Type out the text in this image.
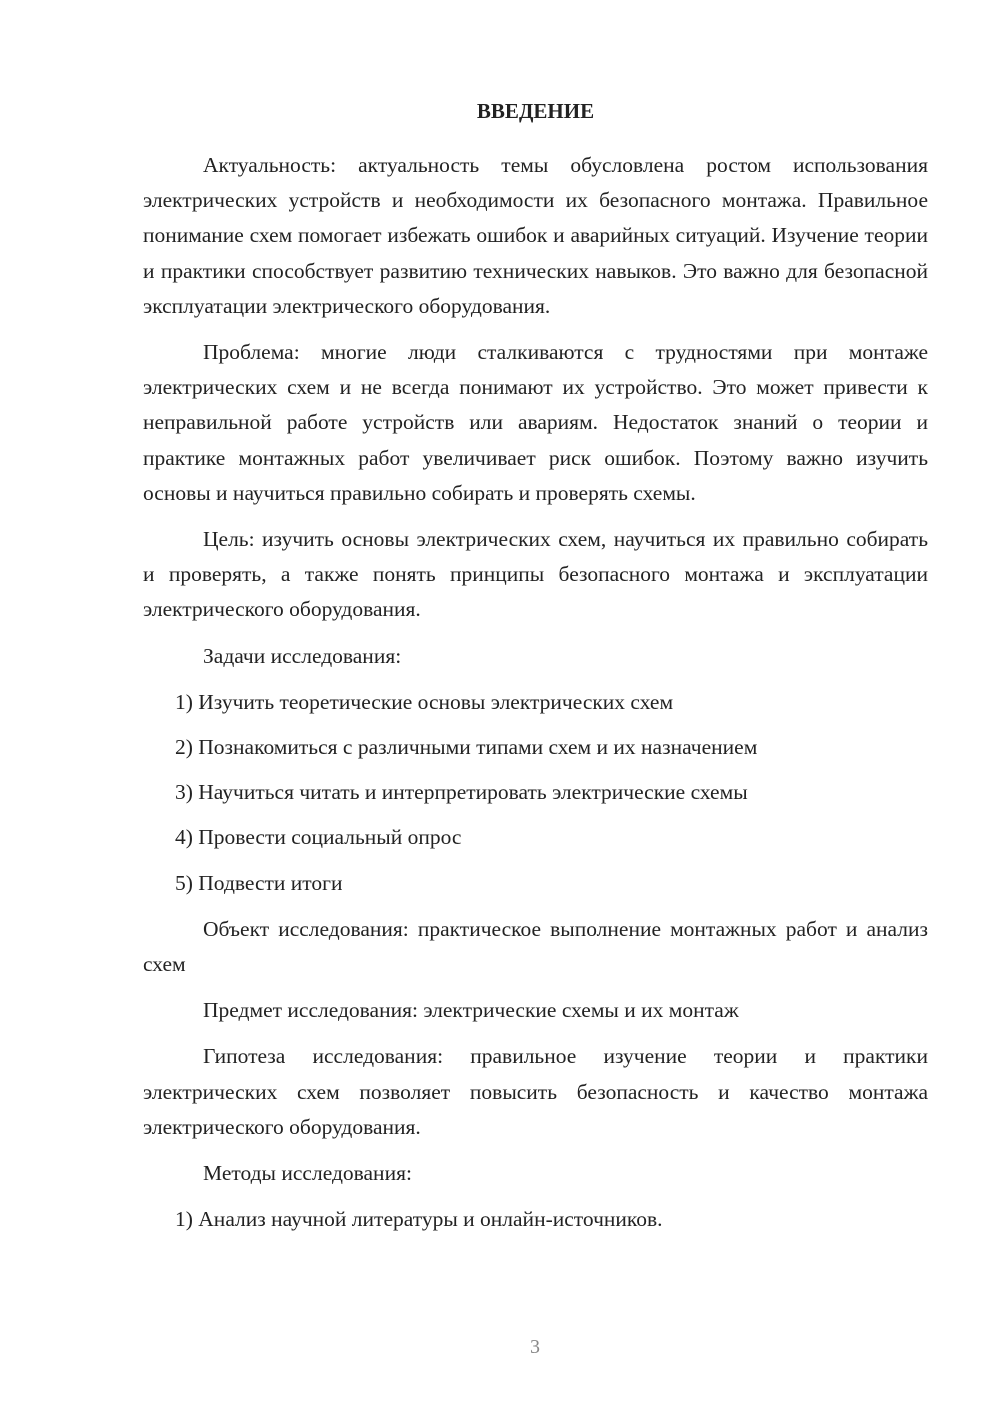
ВВЕДЕНИЕ

Актуальность: актуальность темы обусловлена ростом использования электрических устройств и необходимости их безопасного монтажа. Правильное понимание схем помогает избежать ошибок и аварийных ситуаций. Изучение теории и практики способствует развитию технических навыков. Это важно для безопасной эксплуатации электрического оборудования.

Проблема: многие люди сталкиваются с трудностями при монтаже электрических схем и не всегда понимают их устройство. Это может привести к неправильной работе устройств или авариям. Недостаток знаний о теории и практике монтажных работ увеличивает риск ошибок. Поэтому важно изучить основы и научиться правильно собирать и проверять схемы.

Цель: изучить основы электрических схем, научиться их правильно собирать и проверять, а также понять принципы безопасного монтажа и эксплуатации электрического оборудования.

Задачи исследования:

1) Изучить теоретические основы электрических схем

2) Познакомиться с различными типами схем и их назначением

3) Научиться читать и интерпретировать электрические схемы

4) Провести социальный опрос

5) Подвести итоги

Объект исследования: практическое выполнение монтажных работ и анализ схем

Предмет исследования: электрические схемы и их монтаж

Гипотеза исследования: правильное изучение теории и практики электрических схем позволяет повысить безопасность и качество монтажа электрического оборудования.

Методы исследования:

1) Анализ научной литературы и онлайн-источников.

3
